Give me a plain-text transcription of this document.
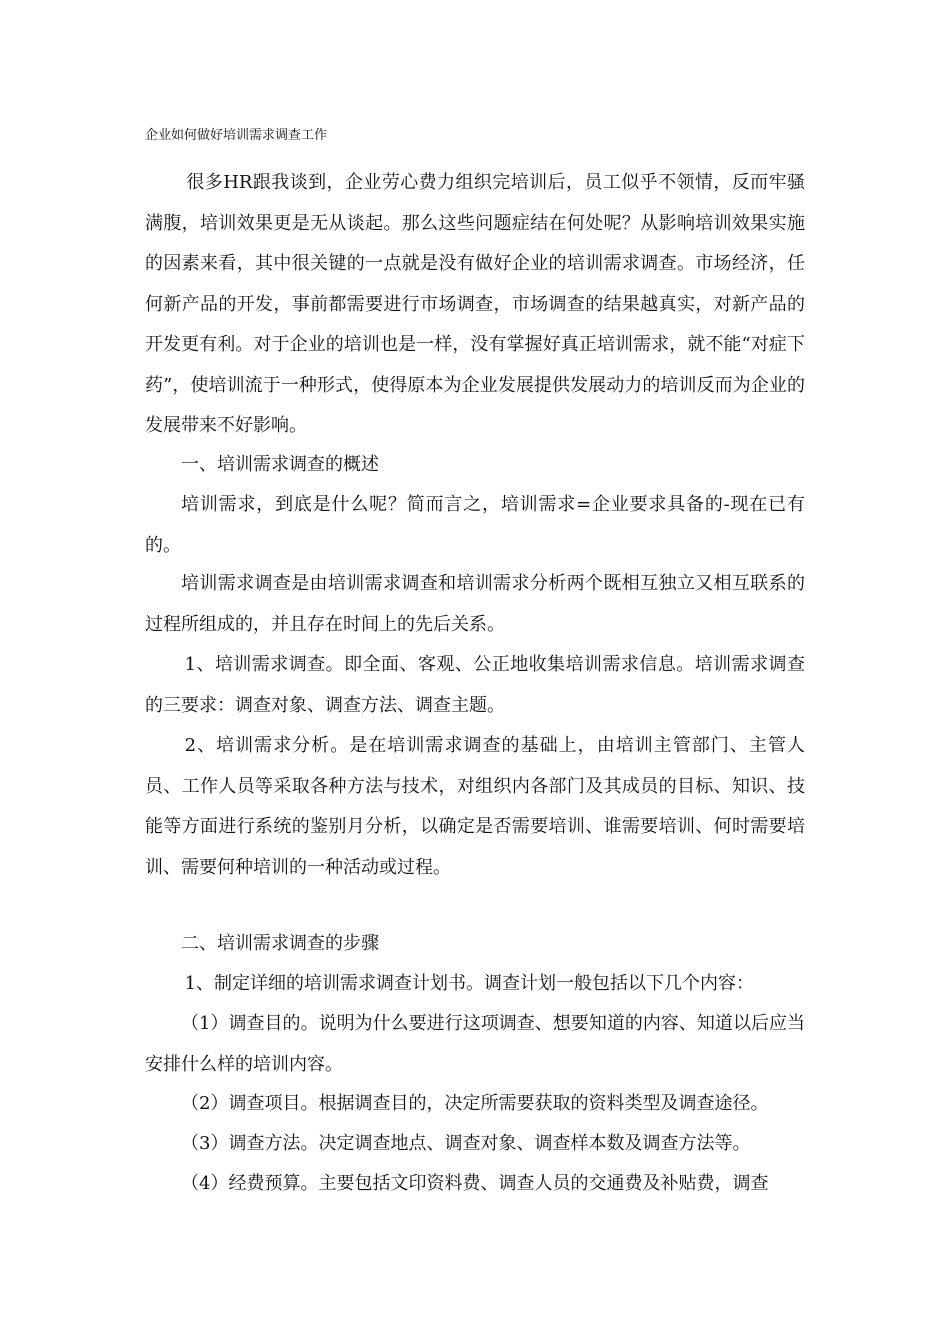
企业如何做好培训需求调查工作

很多HR跟我谈到，企业劳心费力组织完培训后，员工似乎不领情，反而牢骚满腹，培训效果更是无从谈起。那么这些问题症结在何处呢？从影响培训效果实施的因素来看，其中很关键的一点就是没有做好企业的培训需求调查。市场经济，任何新产品的开发，事前都需要进行市场调查，市场调查的结果越真实，对新产品的开发更有利。对于企业的培训也是一样，没有掌握好真正培训需求，就不能“对症下药”，使培训流于一种形式，使得原本为企业发展提供发展动力的培训反而为企业的发展带来不好影响。

一、培训需求调查的概述

培训需求，到底是什么呢？简而言之，培训需求=企业要求具备的-现在已有的。

培训需求调查是由培训需求调查和培训需求分析两个既相互独立又相互联系的过程所组成的，并且存在时间上的先后关系。

1、培训需求调查。即全面、客观、公正地收集培训需求信息。培训需求调查的三要求：调查对象、调查方法、调查主题。

2、培训需求分析。是在培训需求调查的基础上，由培训主管部门、主管人员、工作人员等采取各种方法与技术，对组织内各部门及其成员的目标、知识、技能等方面进行系统的鉴别月分析，以确定是否需要培训、谁需要培训、何时需要培训、需要何种培训的一种活动或过程。

二、培训需求调查的步骤

1、制定详细的培训需求调查计划书。调查计划一般包括以下几个内容：

（1）调查目的。说明为什么要进行这项调查、想要知道的内容、知道以后应当安排什么样的培训内容。

（2）调查项目。根据调查目的，决定所需要获取的资料类型及调查途径。

（3）调查方法。决定调查地点、调查对象、调查样本数及调查方法等。

（4）经费预算。主要包括文印资料费、调查人员的交通费及补贴费，调查
